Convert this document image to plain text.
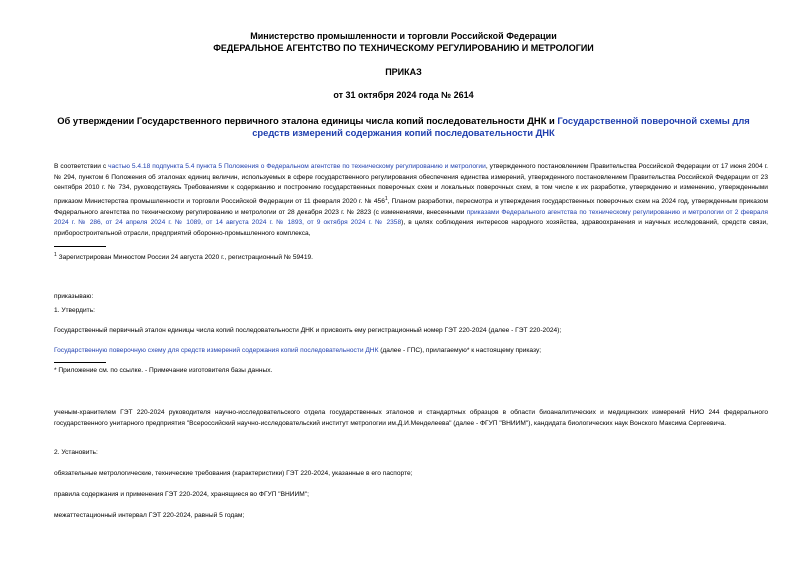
Министерство промышленности и торговли Российской Федерации
ФЕДЕРАЛЬНОЕ АГЕНТСТВО ПО ТЕХНИЧЕСКОМУ РЕГУЛИРОВАНИЮ И МЕТРОЛОГИИ
ПРИКАЗ
от 31 октября 2024 года № 2614
Об утверждении Государственного первичного эталона единицы числа копий последовательности ДНК и Государственной поверочной схемы для средств измерений содержания копий последовательности ДНК
В соответствии с частью 5.4.18 подпункта 5.4 пункта 5 Положения о Федеральном агентстве по техническому регулированию и метрологии, утвержденного постановлением Правительства Российской Федерации от 17 июня 2004 г. № 294, пунктом 6 Положения об эталонах единиц величин, используемых в сфере государственного регулирования обеспечения единства измерений, утвержденного постановлением Правительства Российской Федерации от 23 сентября 2010 г. № 734, руководствуясь Требованиями к содержанию и построению государственных поверочных схем и локальных поверочных схем, в том числе к их разработке, утверждению и изменению, утвержденными приказом Министерства промышленности и торговли Российской Федерации от 11 февраля 2020 г. № $456^1$, Планом разработки, пересмотра и утверждения государственных поверочных схем на 2024 год, утвержденным приказом Федерального агентства по техническому регулированию и метрологии от 28 декабря 2023 г. № 2823 (с изменениями, внесенными приказами Федерального агентства по техническому регулированию и метрологии от 2 февраля 2024 г. № 286, от 24 апреля 2024 г. № 1089, от 14 августа 2024 г. № 1893, от 9 октября 2024 г. № 2358), в целях соблюдения интересов народного хозяйства, здравоохранения и научных исследований, средств связи, приборостроительной отрасли, предприятий оборонно-промышленного комплекса,
$^1$ Зарегистрирован Минюстом России 24 августа 2020 г., регистрационный № 59419.
приказываю:
1. Утвердить:
Государственный первичный эталон единицы числа копий последовательности ДНК и присвоить ему регистрационный номер ГЭТ 220-2024 (далее - ГЭТ 220-2024);
Государственную поверочную схему для средств измерений содержания копий последовательности ДНК (далее - ГПС), прилагаемую* к настоящему приказу;
* Приложение см. по ссылке. - Примечание изготовителя базы данных.
ученым-хранителем ГЭТ 220-2024 руководителя научно-исследовательского отдела государственных эталонов и стандартных образцов в области биоаналитических и медицинских измерений НИО 244 федерального государственного унитарного предприятия "Всероссийский научно-исследовательский институт метрологии им.Д.И.Менделеева" (далее - ФГУП "ВНИИМ"), кандидата биологических наук Вонского Максима Сергеевича.
2. Установить:
обязательные метрологические, технические требования (характеристики) ГЭТ 220-2024, указанные в его паспорте;
правила содержания и применения ГЭТ 220-2024, хранящиеся во ФГУП "ВНИИМ";
межаттестационный интервал ГЭТ 220-2024, равный 5 годам;
